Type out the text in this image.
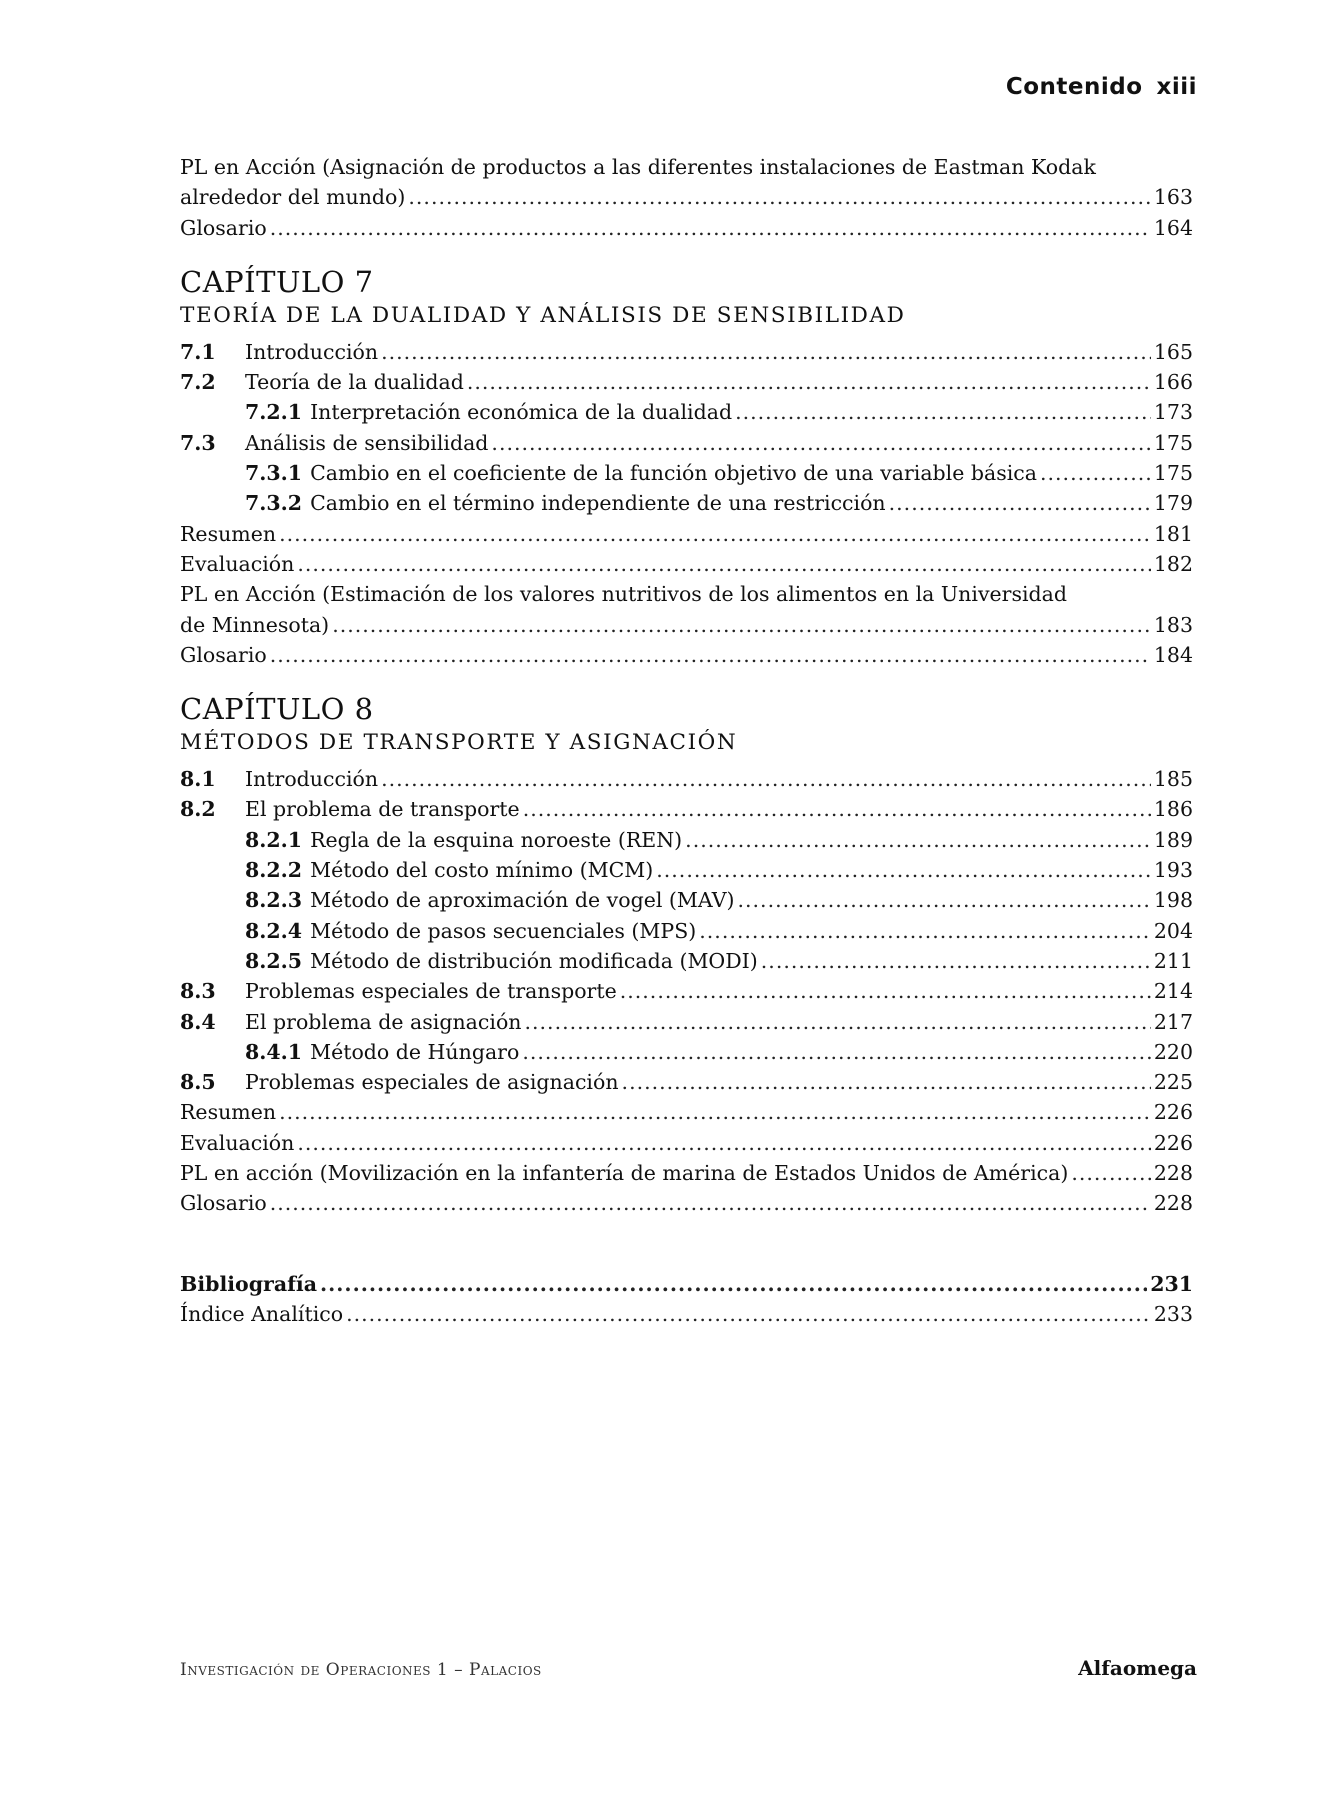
Contenido xiii
PL en Acción (Asignación de productos a las diferentes instalaciones de Eastman Kodak
alrededor del mundo) .....	163
Glosario .....	164
CAPÍTULO 7
TEORÍA DE LA DUALIDAD Y ANÁLISIS DE SENSIBILIDAD
7.1	Introducción .....	165
7.2	Teoría de la dualidad .....	166
7.2.1 Interpretación económica de la dualidad .....	173
7.3	Análisis de sensibilidad .....	175
7.3.1 Cambio en el coeficiente de la función objetivo de una variable básica .....	175
7.3.2 Cambio en el término independiente de una restricción .....	179
Resumen .....	181
Evaluación .....	182
PL en Acción (Estimación de los valores nutritivos de los alimentos en la Universidad
de Minnesota) .....	183
Glosario .....	184
CAPÍTULO 8
MÉTODOS DE TRANSPORTE Y ASIGNACIÓN
8.1	Introducción .....	185
8.2	El problema de transporte .....	186
8.2.1 Regla de la esquina noroeste (REN) .....	189
8.2.2 Método del costo mínimo (MCM) .....	193
8.2.3 Método de aproximación de vogel (MAV) .....	198
8.2.4 Método de pasos secuenciales (MPS) .....	204
8.2.5 Método de distribución modificada (MODI) .....	211
8.3	Problemas especiales de transporte .....	214
8.4	El problema de asignación .....	217
8.4.1 Método de Húngaro .....	220
8.5	Problemas especiales de asignación .....	225
Resumen .....	226
Evaluación .....	226
PL en acción (Movilización en la infantería de marina de Estados Unidos de América) .....	228
Glosario .....	228
Bibliografía .....	231
Índice Analítico .....	233
Investigación de Operaciones 1 – Palacios	Alfaomega
